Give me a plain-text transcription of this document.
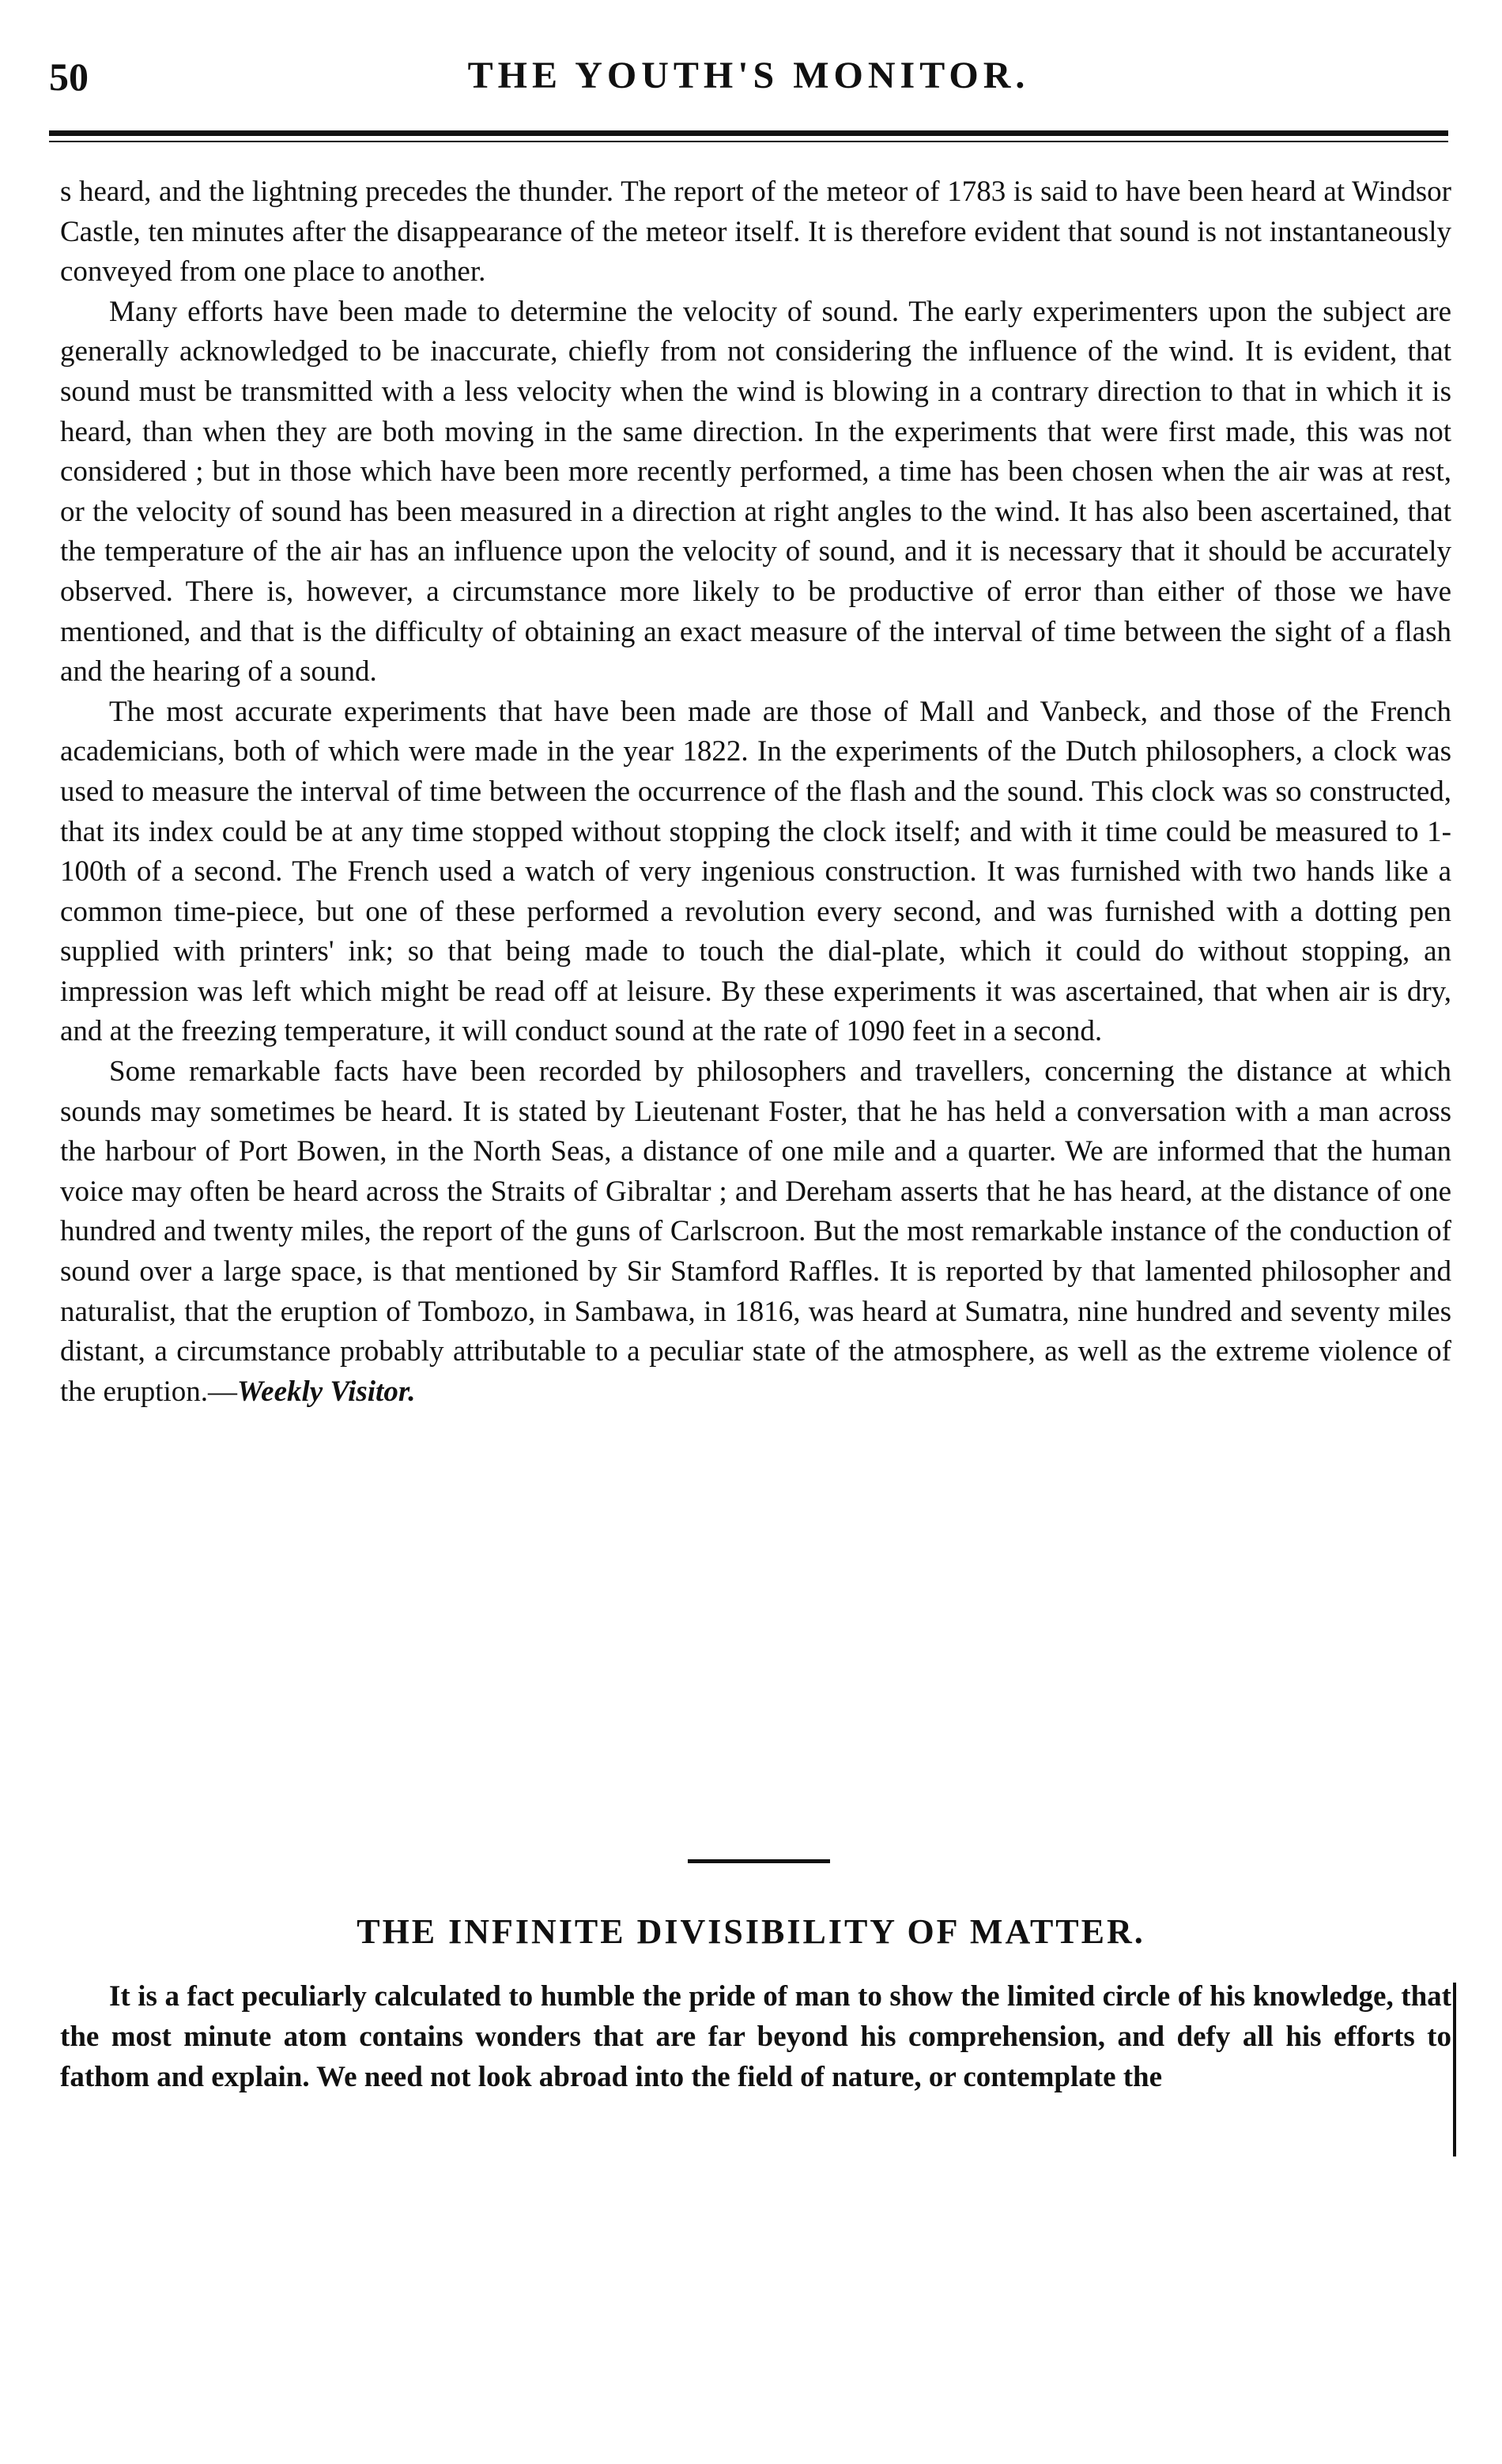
50	THE YOUTH'S MONITOR.

s heard, and the lightning precedes the thunder. The report of the meteor of 1783 is said to have been heard at Windsor Castle, ten minutes after the disappearance of the meteor itself. It is therefore evident that sound is not instantaneously conveyed from one place to another.

Many efforts have been made to determine the velocity of sound. The early experimenters upon the subject are generally acknowledged to be inaccurate, chiefly from not considering the influence of the wind. It is evident, that sound must be transmitted with a less velocity when the wind is blowing in a contrary direction to that in which it is heard, than when they are both moving in the same direction. In the experiments that were first made, this was not considered ; but in those which have been more recently performed, a time has been chosen when the air was at rest, or the velocity of sound has been measured in a direction at right angles to the wind. It has also been ascertained, that the temperature of the air has an influence upon the velocity of sound, and it is necessary that it should be accurately observed. There is, however, a circumstance more likely to be productive of error than either of those we have mentioned, and that is the difficulty of obtaining an exact measure of the interval of time between the sight of a flash and the hearing of a sound.

The most accurate experiments that have been made are those of Mall and Vanbeck, and those of the French academicians, both of which were made in the year 1822. In the experiments of the Dutch philosophers, a clock was used to measure the interval of time between the occurrence of the flash and the sound. This clock was so constructed, that its index could be at any time stopped without stopping the clock itself; and with it time could be measured to 1-100th of a second. The French used a watch of very ingenious construction. It was furnished with two hands like a common time-piece, but one of these performed a revolution every second, and was furnished with a dotting pen supplied with printers' ink; so that being made to touch the dial-plate, which it could do without stopping, an impression was left which might be read off at leisure. By these experiments it was ascertained, that when air is dry, and at the freezing temperature, it will conduct sound at the rate of 1090 feet in a second.

Some remarkable facts have been recorded by philosophers and travellers, concerning the distance at which sounds may sometimes be heard. It is stated by Lieutenant Foster, that he has held a conversation with a man across the harbour of Port Bowen, in the North Seas, a distance of one mile and a quarter. We are informed that the human voice may often be heard across the Straits of Gibraltar ; and Dereham asserts that he has heard, at the distance of one hundred and twenty miles, the report of the guns of Carlscroon. But the most remarkable instance of the conduction of sound over a large space, is that mentioned by Sir Stamford Raffles. It is reported by that lamented philosopher and naturalist, that the eruption of Tombozo, in Sambawa, in 1816, was heard at Sumatra, nine hundred and seventy miles distant, a circumstance probably attributable to a peculiar state of the atmosphere, as well as the extreme violence of the eruption.—Weekly Visitor.

THE INFINITE DIVISIBILITY OF MATTER.

It is a fact peculiarly calculated to humble the pride of man to show the limited circle of his knowledge, that the most minute atom contains wonders that are far beyond his comprehension, and defy all his efforts to fathom and explain. We need not look abroad into the field of nature, or contemplate the
